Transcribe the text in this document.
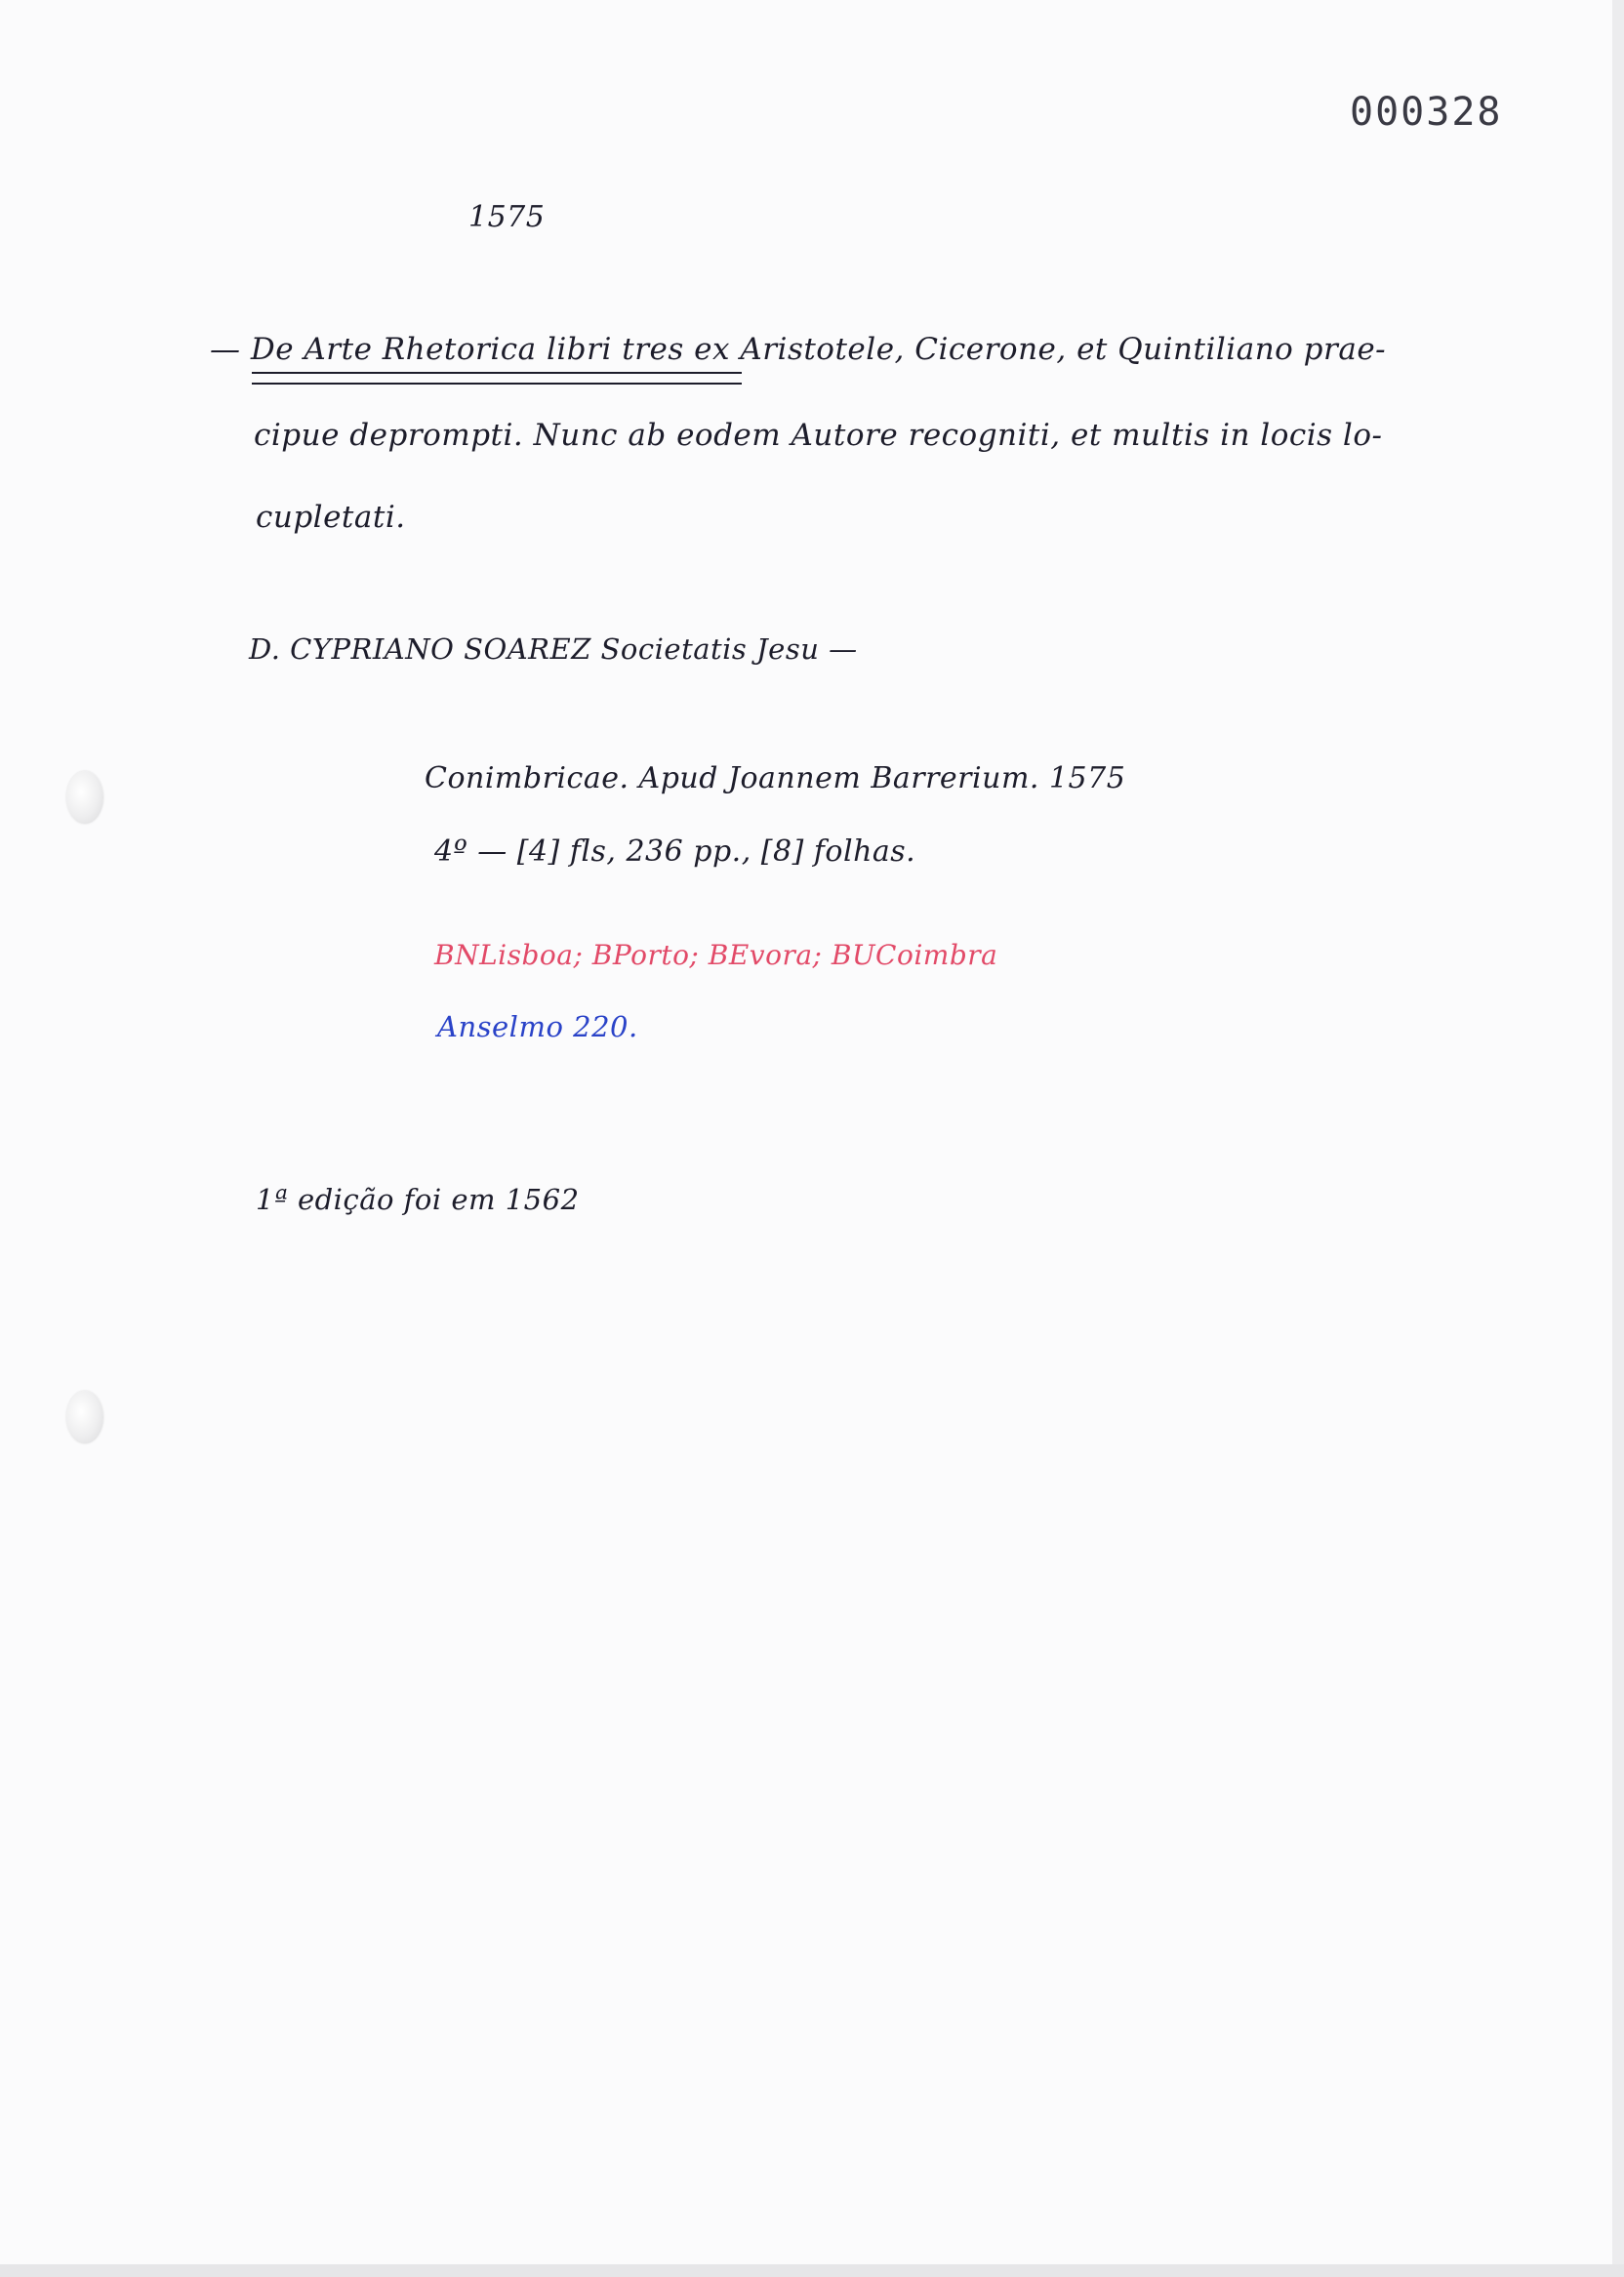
000328
1575
— De Arte Rhetorica libri tres ex Aristotele, Cicerone, et Quintiliano prae-
cipue deprompti. Nunc ab eodem Autore recogniti, et multis in locis lo-
cupletati.
D. CYPRIANO SOAREZ Societatis Jesu —
Conimbricae. Apud Joannem Barrerium. 1575
4º — [4] fls, 236 pp., [8] folhas.
BNLisboa; BPorto; BEvora; BUCoimbra
Anselmo 220.
1ª edição foi em 1562
